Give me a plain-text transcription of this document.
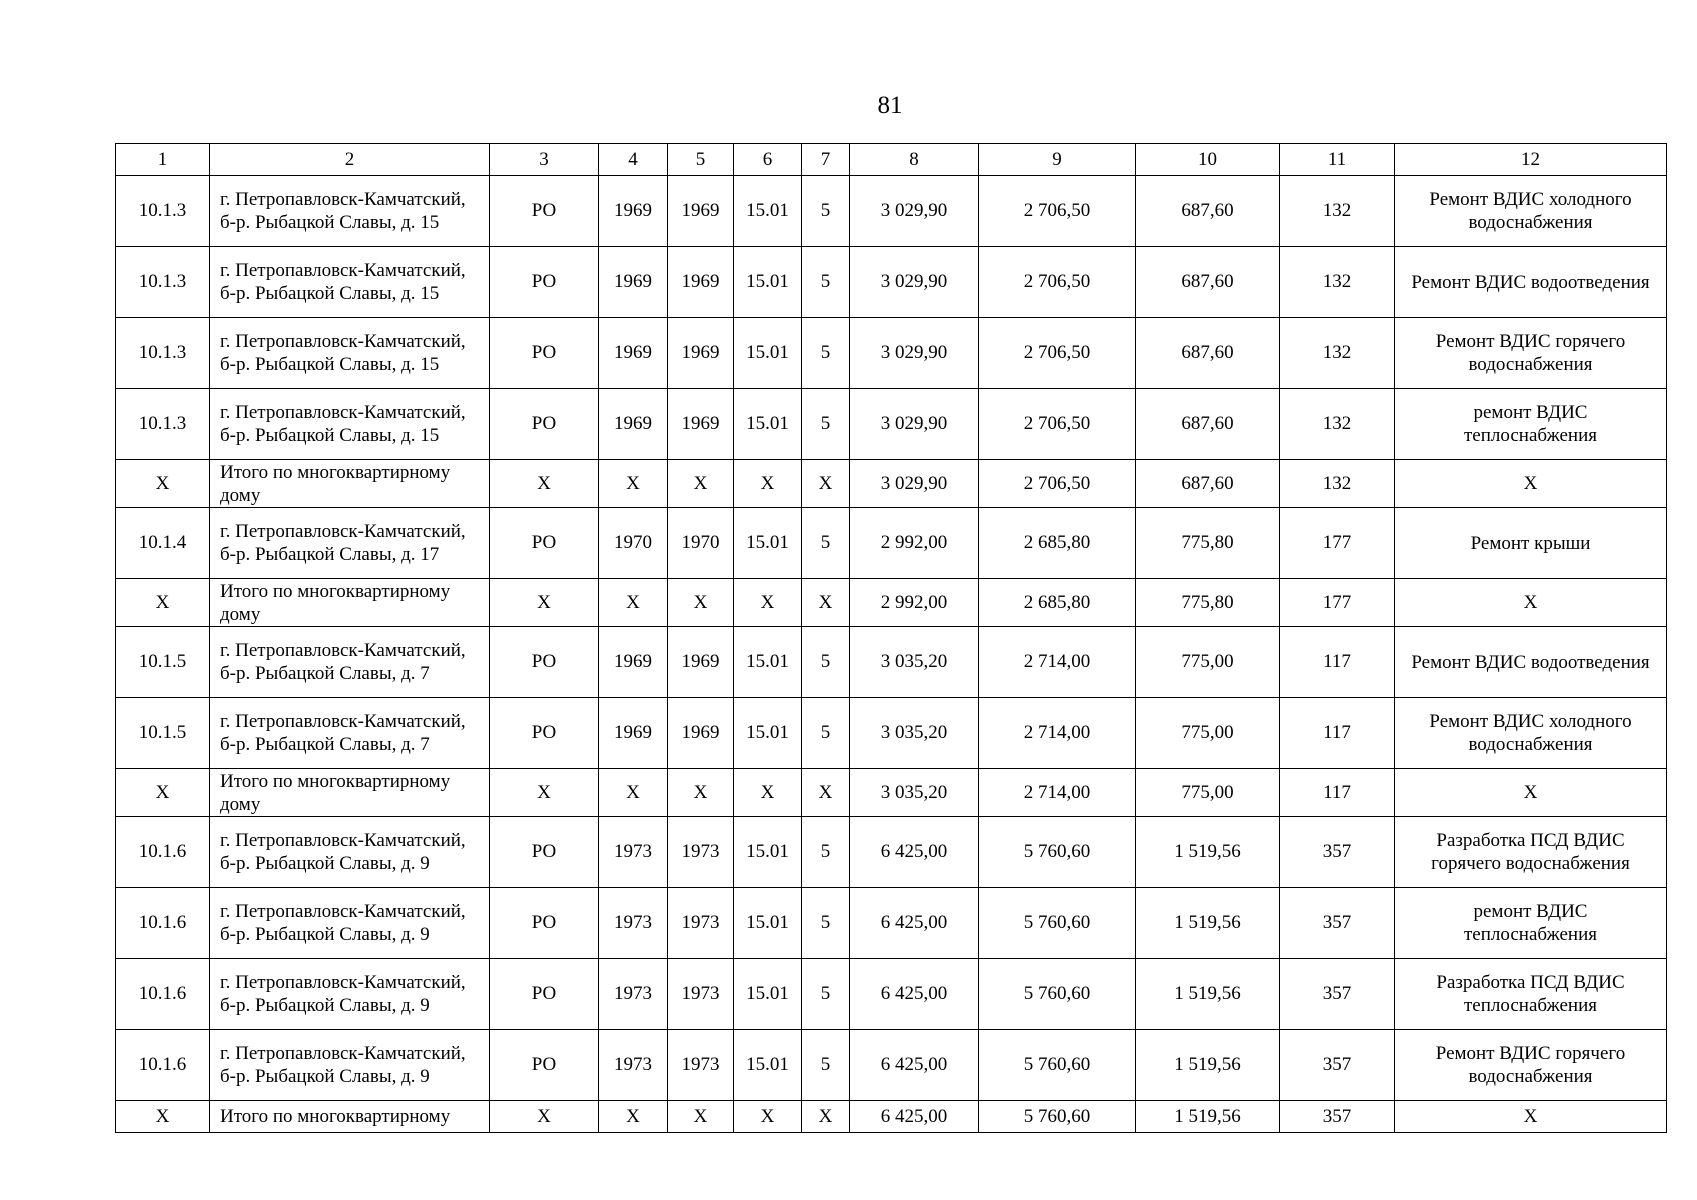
81
1	2	3	4	5	6	7	8	9	10	11	12
10.1.3	г. Петропавловск-Камчатский, б-р. Рыбацкой Славы, д. 15	РО	1969	1969	15.01	5	3 029,90	2 706,50	687,60	132	Ремонт ВДИС холодного водоснабжения
10.1.3	г. Петропавловск-Камчатский, б-р. Рыбацкой Славы, д. 15	РО	1969	1969	15.01	5	3 029,90	2 706,50	687,60	132	Ремонт ВДИС водоотведения
10.1.3	г. Петропавловск-Камчатский, б-р. Рыбацкой Славы, д. 15	РО	1969	1969	15.01	5	3 029,90	2 706,50	687,60	132	Ремонт ВДИС горячего водоснабжения
10.1.3	г. Петропавловск-Камчатский, б-р. Рыбацкой Славы, д. 15	РО	1969	1969	15.01	5	3 029,90	2 706,50	687,60	132	ремонт ВДИС теплоснабжения
Х	Итого по многоквартирному дому	Х	Х	Х	Х	Х	3 029,90	2 706,50	687,60	132	Х
10.1.4	г. Петропавловск-Камчатский, б-р. Рыбацкой Славы, д. 17	РО	1970	1970	15.01	5	2 992,00	2 685,80	775,80	177	Ремонт крыши
Х	Итого по многоквартирному дому	Х	Х	Х	Х	Х	2 992,00	2 685,80	775,80	177	Х
10.1.5	г. Петропавловск-Камчатский, б-р. Рыбацкой Славы, д. 7	РО	1969	1969	15.01	5	3 035,20	2 714,00	775,00	117	Ремонт ВДИС водоотведения
10.1.5	г. Петропавловск-Камчатский, б-р. Рыбацкой Славы, д. 7	РО	1969	1969	15.01	5	3 035,20	2 714,00	775,00	117	Ремонт ВДИС холодного водоснабжения
Х	Итого по многоквартирному дому	Х	Х	Х	Х	Х	3 035,20	2 714,00	775,00	117	Х
10.1.6	г. Петропавловск-Камчатский, б-р. Рыбацкой Славы, д. 9	РО	1973	1973	15.01	5	6 425,00	5 760,60	1 519,56	357	Разработка ПСД ВДИС горячего водоснабжения
10.1.6	г. Петропавловск-Камчатский, б-р. Рыбацкой Славы, д. 9	РО	1973	1973	15.01	5	6 425,00	5 760,60	1 519,56	357	ремонт ВДИС теплоснабжения
10.1.6	г. Петропавловск-Камчатский, б-р. Рыбацкой Славы, д. 9	РО	1973	1973	15.01	5	6 425,00	5 760,60	1 519,56	357	Разработка ПСД ВДИС теплоснабжения
10.1.6	г. Петропавловск-Камчатский, б-р. Рыбацкой Славы, д. 9	РО	1973	1973	15.01	5	6 425,00	5 760,60	1 519,56	357	Ремонт ВДИС горячего водоснабжения
Х	Итого по многоквартирному	Х	Х	Х	Х	Х	6 425,00	5 760,60	1 519,56	357	Х
